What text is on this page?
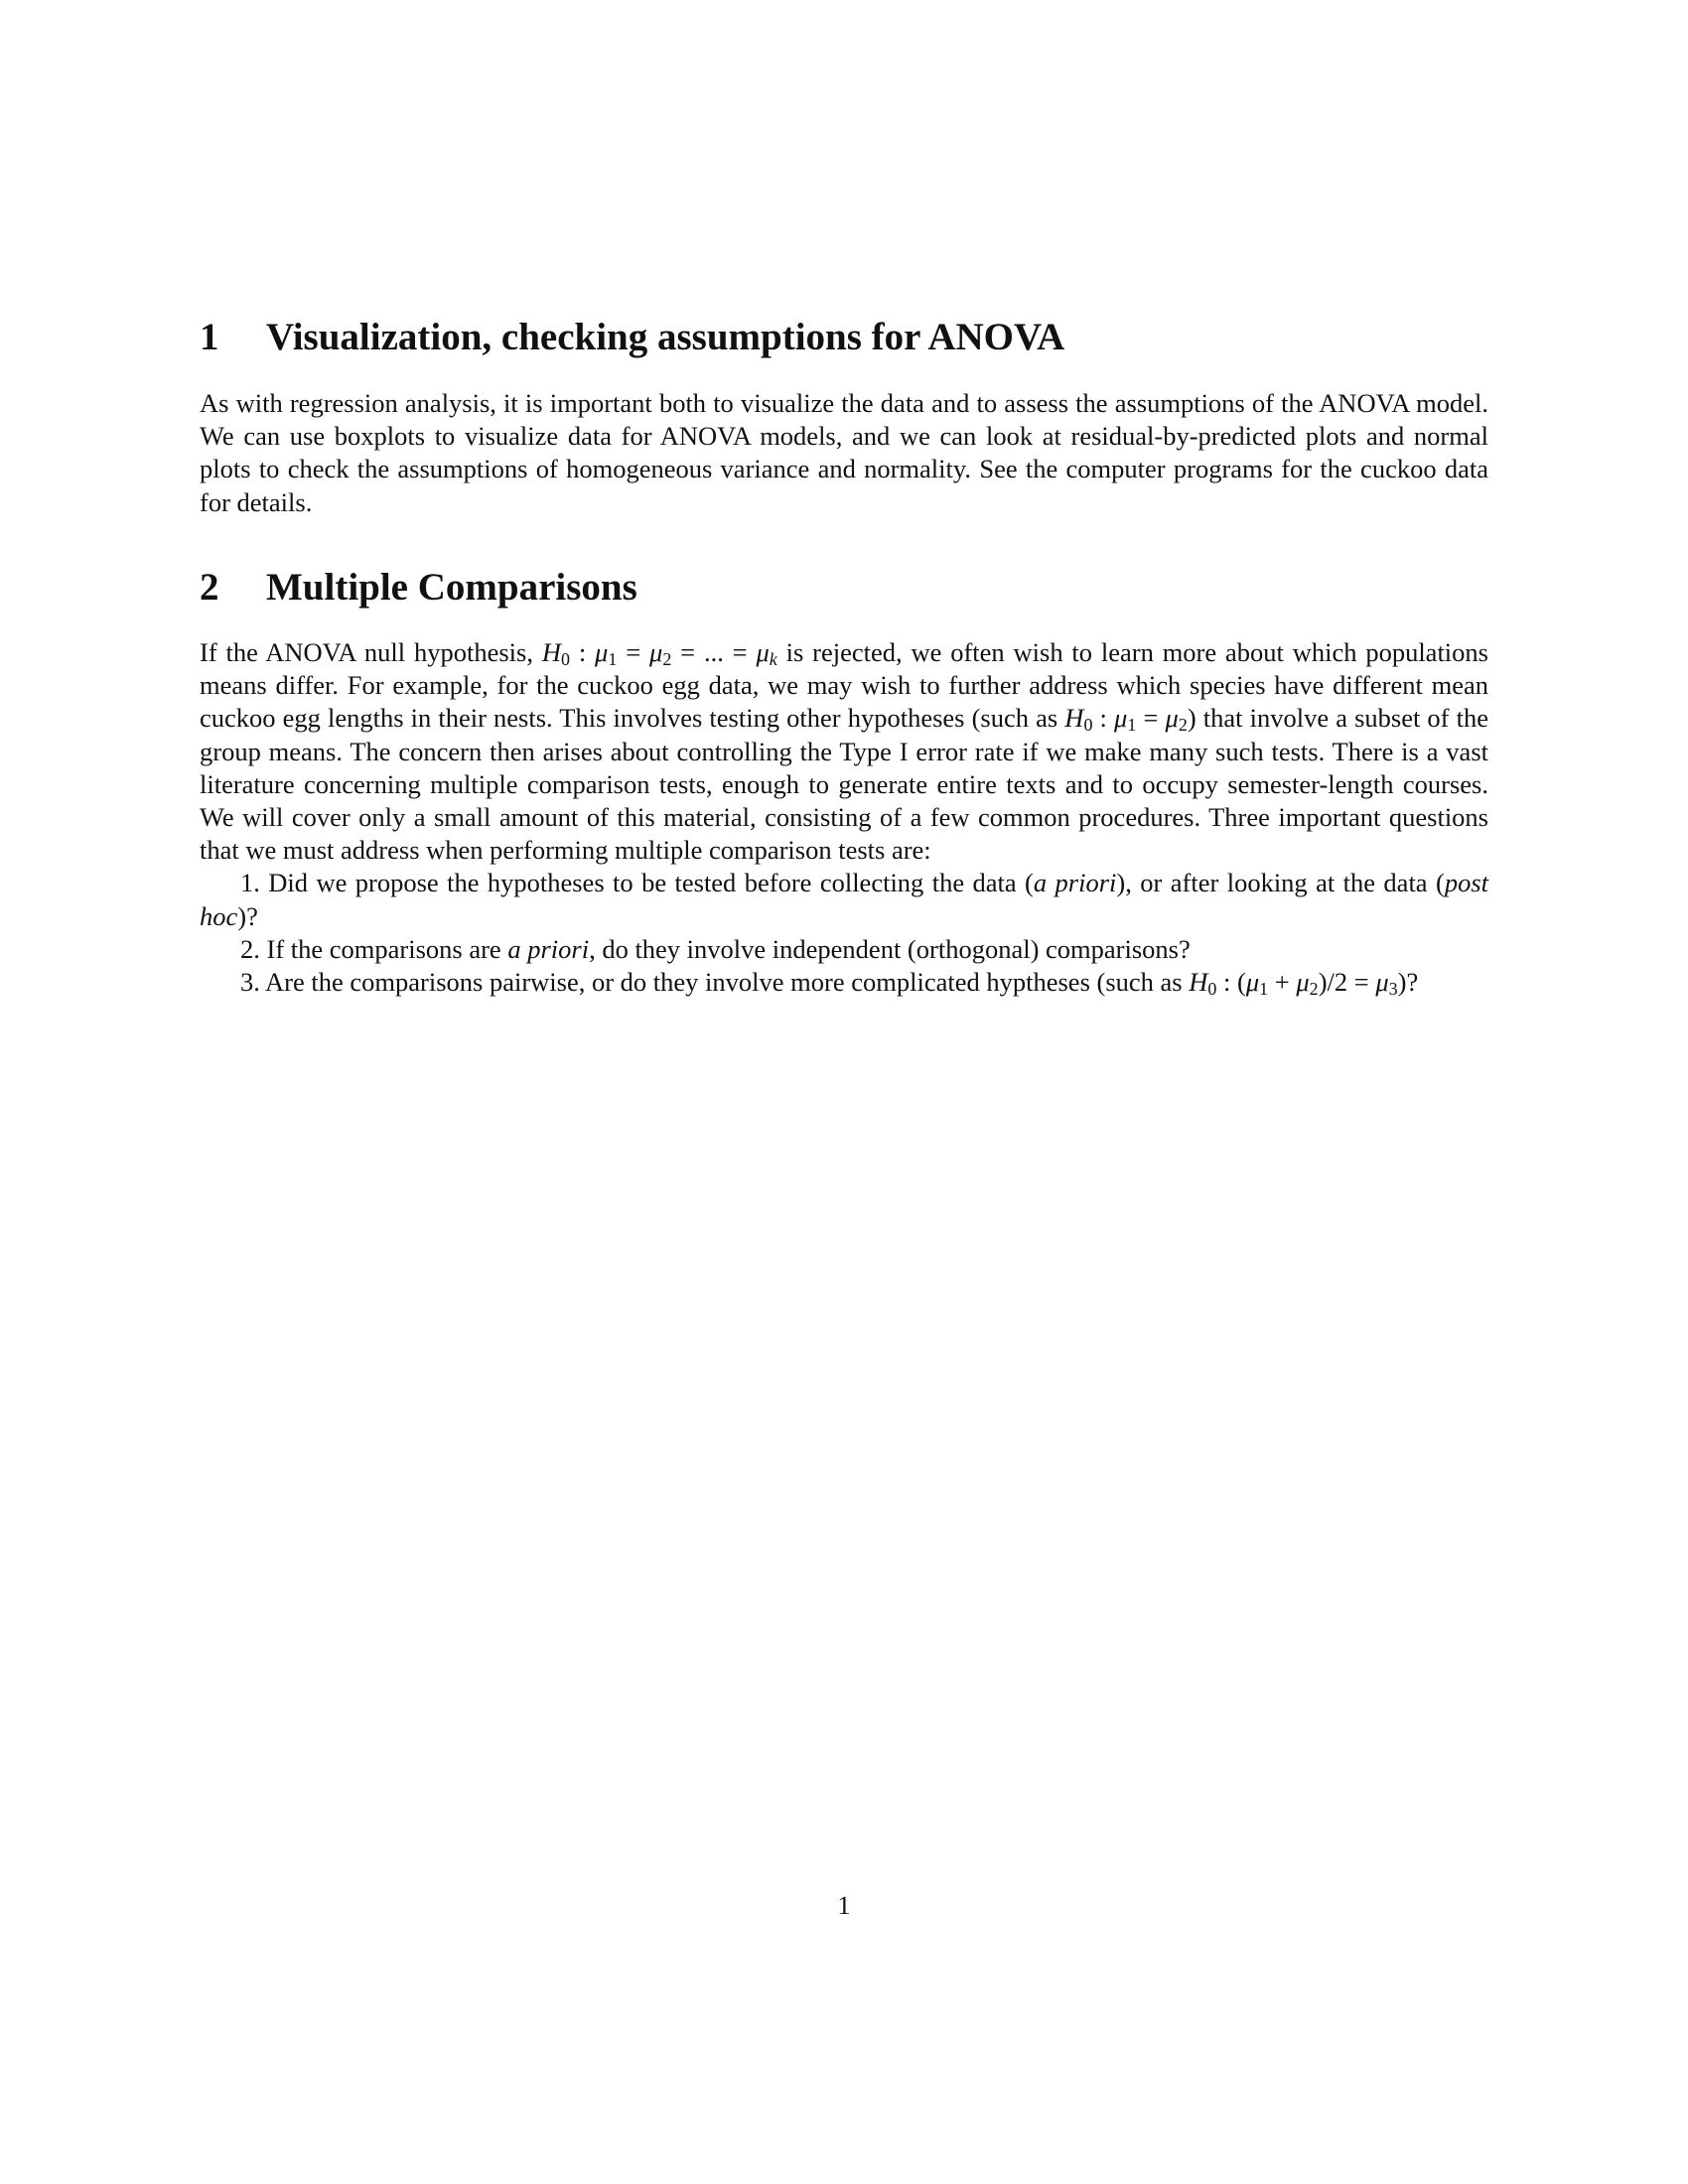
1 Visualization, checking assumptions for ANOVA

As with regression analysis, it is important both to visualize the data and to assess the assumptions of the ANOVA model. We can use boxplots to visualize data for ANOVA models, and we can look at residual-by-predicted plots and normal plots to check the assumptions of homogeneous variance and normality. See the computer programs for the cuckoo data for details.

2 Multiple Comparisons

If the ANOVA null hypothesis, $H_0$ : $\mu_1 = \mu_2$ = ... = $\mu_k$ is rejected, we often wish to learn more about which populations means differ. For example, for the cuckoo egg data, we may wish to further address which species have different mean cuckoo egg lengths in their nests. This involves testing other hypotheses (such as $H_0$ : $\mu_1 = \mu_2$) that involve a subset of the group means. The concern then arises about controlling the Type I error rate if we make many such tests. There is a vast literature concerning multiple comparison tests, enough to generate entire texts and to occupy semester-length courses. We will cover only a small amount of this material, consisting of a few common procedures. Three important questions that we must address when performing multiple comparison tests are:

1. Did we propose the hypotheses to be tested before collecting the data (a priori), or after looking at the data (post hoc)?

2. If the comparisons are a priori, do they involve independent (orthogonal) comparisons?

3. Are the comparisons pairwise, or do they involve more complicated hyptheses (such as $H_0$ : $(\mu_1 + \mu_2)/2 = \mu_3$)?

1
